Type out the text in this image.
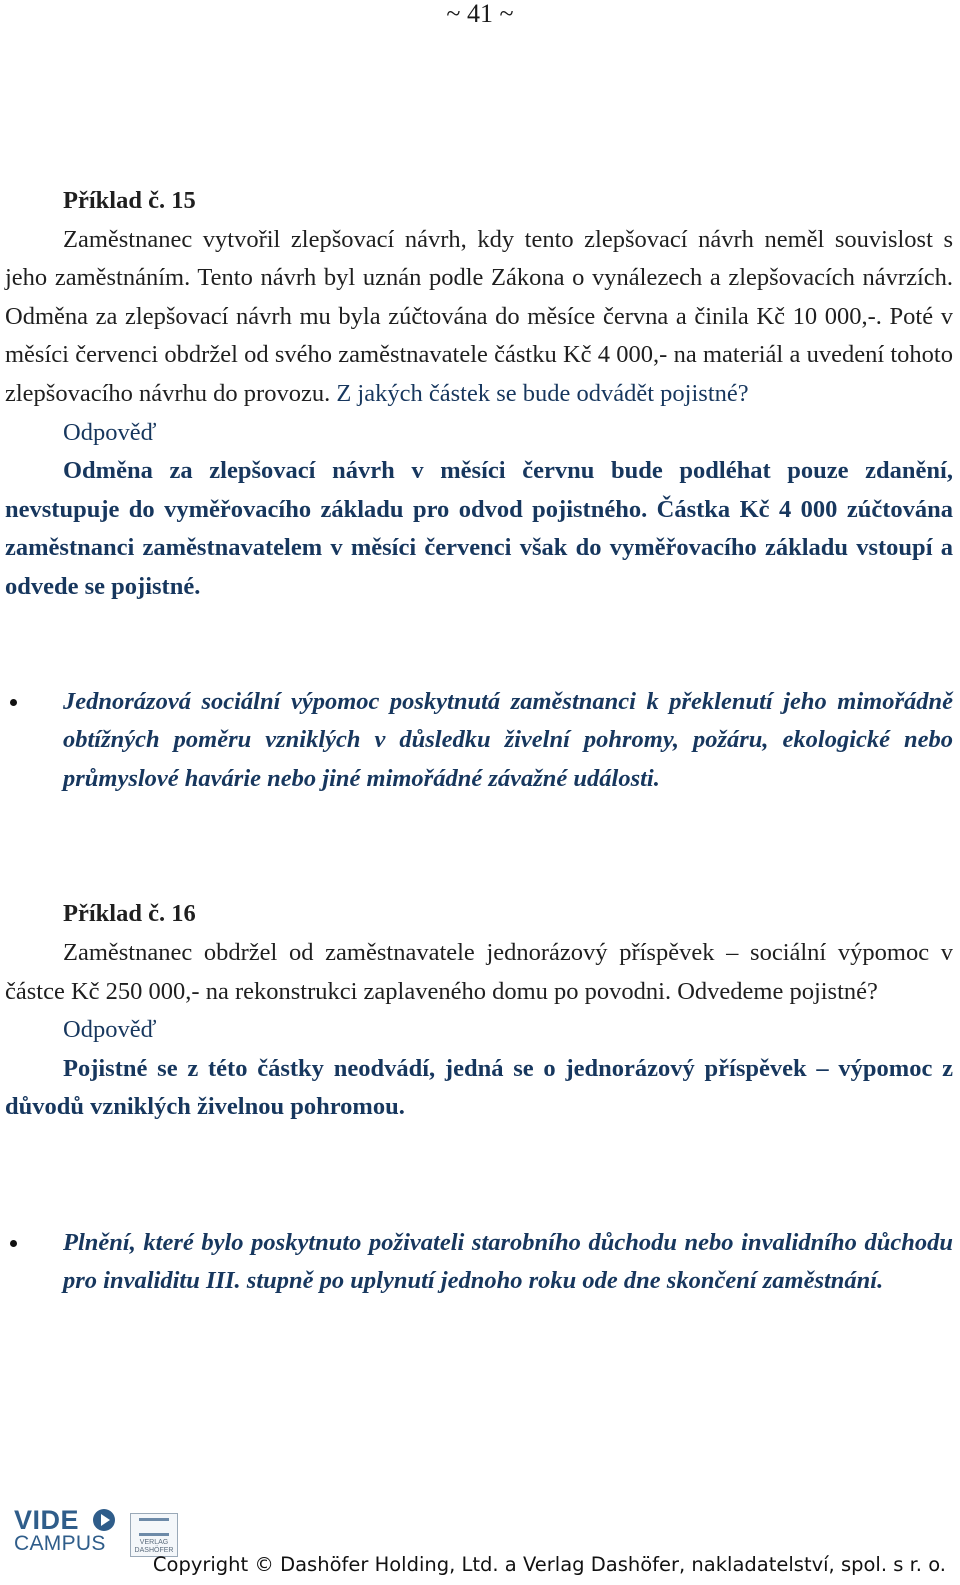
~ 41 ~

Příklad č. 15

Zaměstnanec vytvořil zlepšovací návrh, kdy tento zlepšovací návrh neměl souvislost s jeho zaměstnáním. Tento návrh byl uznán podle Zákona o vynálezech a zlepšovacích návrzích. Odměna za zlepšovací návrh mu byla zúčtována do měsíce června a činila Kč 10 000,-. Poté v měsíci červenci obdržel od svého zaměstnavatele částku Kč 4 000,- na materiál a uvedení tohoto zlepšovacího návrhu do provozu. Z jakých částek se bude odvádět pojistné?

Odpověď

Odměna za zlepšovací návrh v měsíci červnu bude podléhat pouze zdanění, nevstupuje do vyměřovacího základu pro odvod pojistného. Částka Kč 4 000 zúčtována zaměstnanci zaměstnavatelem v měsíci červenci však do vyměřovacího základu vstoupí a odvede se pojistné.

Jednorázová sociální výpomoc poskytnutá zaměstnanci k překlenutí jeho mimořádně obtížných poměru vzniklých v důsledku živelní pohromy, požáru, ekologické nebo průmyslové havárie nebo jiné mimořádné závažné události.

Příklad č. 16

Zaměstnanec obdržel od zaměstnavatele jednorázový příspěvek – sociální výpomoc v částce Kč 250 000,- na rekonstrukci zaplaveného domu po povodni. Odvedeme pojistné?

Odpověď

Pojistné se z této částky neodvádí, jedná se o jednorázový příspěvek – výpomoc z důvodů vzniklých živelnou pohromou.

Plnění, které bylo poskytnuto poživateli starobního důchodu nebo invalidního důchodu pro invaliditu III. stupně po uplynutí jednoho roku ode dne skončení zaměstnání.
VIDE
CAMPUS	VERLAG DASHÖFER
Copyright © Dashöfer Holding, Ltd. a Verlag Dashöfer, nakladatelství, spol. s r. o.
